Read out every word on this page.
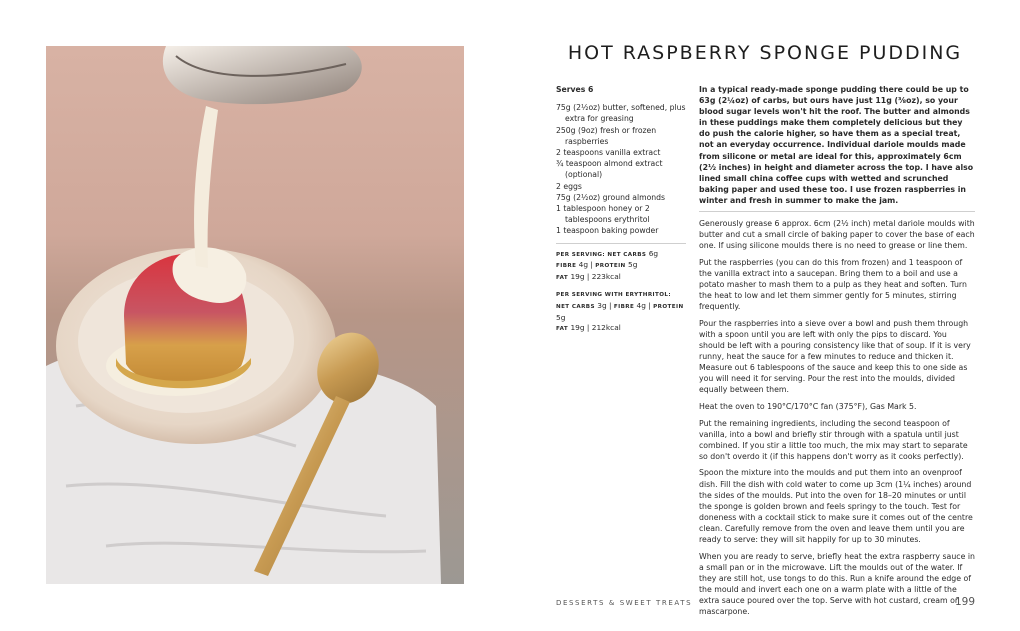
HOT RASPBERRY SPONGE PUDDING
Serves 6
75g (2½oz) butter, softened, plus extra for greasing
250g (9oz) fresh or frozen raspberries
2 teaspoons vanilla extract
¾ teaspoon almond extract (optional)
2 eggs
75g (2½oz) ground almonds
1 tablespoon honey or 2 tablespoons erythritol
1 teaspoon baking powder
PER SERVING: NET CARBS 6g
FIBRE 4g | PROTEIN 5g
FAT 19g | 223kcal
PER SERVING WITH ERYTHRITOL:
NET CARBS 3g | FIBRE 4g | PROTEIN 5g
FAT 19g | 212kcal

In a typical ready-made sponge pudding there could be up to 63g (2¼oz) of carbs, but ours have just 11g (⅜oz), so your blood sugar levels won't hit the roof. The butter and almonds in these puddings make them completely delicious but they do push the calorie higher, so have them as a special treat, not an everyday occurrence. Individual dariole moulds made from silicone or metal are ideal for this, approximately 6cm (2½ inches) in height and diameter across the top. I have also lined small china coffee cups with wetted and scrunched baking paper and used these too. I use frozen raspberries in winter and fresh in summer to make the jam.

Generously grease 6 approx. 6cm (2½ inch) metal dariole moulds with butter and cut a small circle of baking paper to cover the base of each one. If using silicone moulds there is no need to grease or line them.

Put the raspberries (you can do this from frozen) and 1 teaspoon of the vanilla extract into a saucepan. Bring them to a boil and use a potato masher to mash them to a pulp as they heat and soften. Turn the heat to low and let them simmer gently for 5 minutes, stirring frequently.

Pour the raspberries into a sieve over a bowl and push them through with a spoon until you are left with only the pips to discard. You should be left with a pouring consistency like that of soup. If it is very runny, heat the sauce for a few minutes to reduce and thicken it. Measure out 6 tablespoons of the sauce and keep this to one side as you will need it for serving. Pour the rest into the moulds, divided equally between them.

Heat the oven to 190°C/170°C fan (375°F), Gas Mark 5.

Put the remaining ingredients, including the second teaspoon of vanilla, into a bowl and briefly stir through with a spatula until just combined. If you stir a little too much, the mix may start to separate so don't overdo it (if this happens don't worry as it cooks perfectly).

Spoon the mixture into the moulds and put them into an ovenproof dish. Fill the dish with cold water to come up 3cm (1¼ inches) around the sides of the moulds. Put into the oven for 18–20 minutes or until the sponge is golden brown and feels springy to the touch. Test for doneness with a cocktail stick to make sure it comes out of the centre clean. Carefully remove from the oven and leave them until you are ready to serve: they will sit happily for up to 30 minutes.

When you are ready to serve, briefly heat the extra raspberry sauce in a small pan or in the microwave. Lift the moulds out of the water. If they are still hot, use tongs to do this. Run a knife around the edge of the mould and invert each one on a warm plate with a little of the extra sauce poured over the top. Serve with hot custard, cream or mascarpone.

DESSERTS & SWEET TREATS	199
